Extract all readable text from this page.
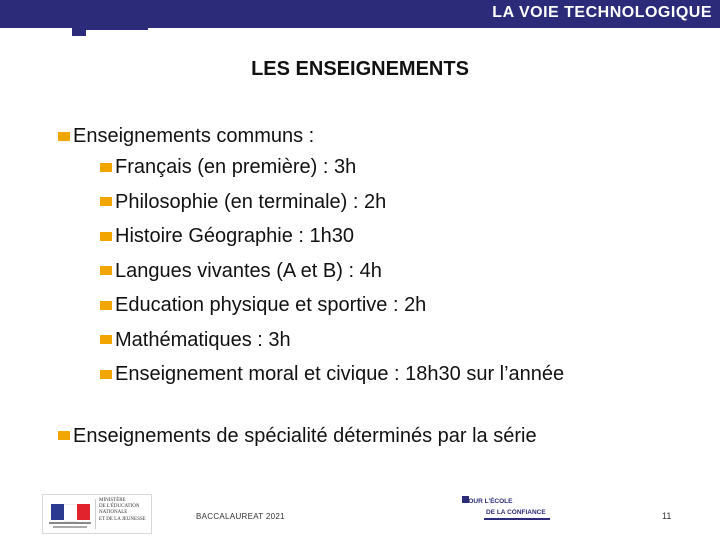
LA VOIE TECHNOLOGIQUE
LES ENSEIGNEMENTS
Enseignements communs :
Français (en première) : 3h
Philosophie (en terminale) : 2h
Histoire Géographie : 1h30
Langues vivantes (A et B) : 4h
Education physique et sportive : 2h
Mathématiques : 3h
Enseignement moral et civique : 18h30 sur l’année
Enseignements de spécialité déterminés par la série
MINISTÈRE
DE L'ÉDUCATION
NATIONALE
ET DE LA JEUNESSE	BACCALAUREAT 2021
POUR L'ÉCOLE
DE LA CONFIANCE	11
